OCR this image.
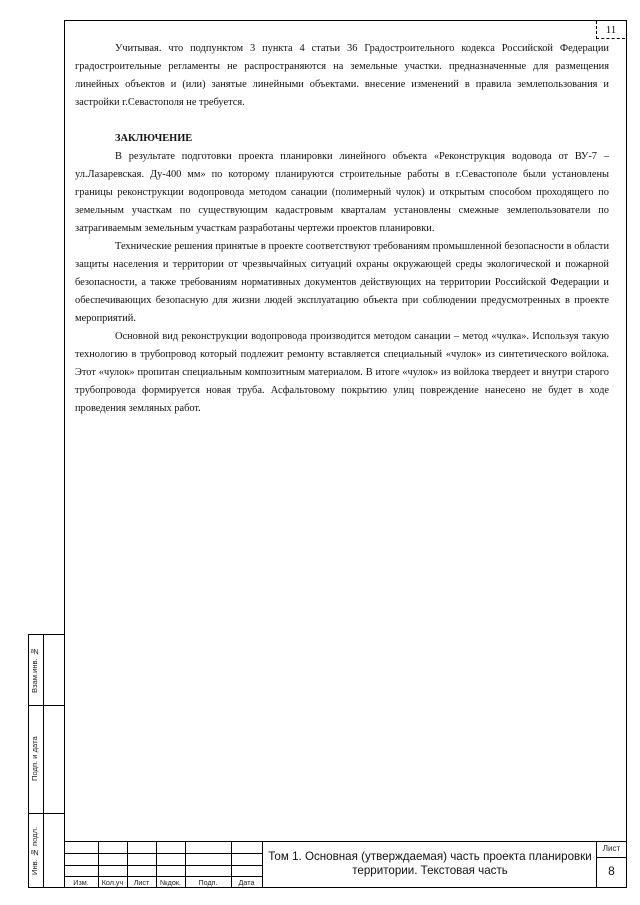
11

Учитывая. что подпунктом 3 пункта 4 статьи 36 Градостроительного кодекса Российской Федерации градостроительные регламенты не распространяются на земельные участки. предназначенные для размещения линейных объектов и (или) занятые линейными объектами. внесение изменений в правила землепользования и застройки г.Севастополя не требуется.

ЗАКЛЮЧЕНИЕ

В результате подготовки проекта планировки линейного объекта «Реконструкция водовода от ВУ-7 – ул.Лазаревская. Ду-400 мм» по которому планируются строительные работы в г.Севастополе были установлены границы реконструкции водопровода методом санации (полимерный чулок) и открытым способом проходящего по земельным участкам по существующим кадастровым кварталам установлены смежные землепользователи по затрагиваемым земельным участкам разработаны чертежи проектов планировки.

Технические решения принятые в проекте соответствуют требованиям промышленной безопасности в области защиты населения и территории от чрезвычайных ситуаций охраны окружающей среды экологической и пожарной безопасности, а также требованиям нормативных документов действующих на территории Российской Федерации и обеспечивающих безопасную для жизни людей эксплуатацию объекта при соблюдении предусмотренных в проекте мероприятий.

Основной вид реконструкции водопровода производится методом санации – метод «чулка». Используя такую технологию в трубопровод который подлежит ремонту вставляется специальный «чулок» из синтетического войлока. Этот «чулок» пропитан специальным композитным материалом. В итоге «чулок» из войлока твердеет и внутри старого трубопровода формируется новая труба. Асфальтовому покрытию улиц повреждение нанесено не будет в ходе проведения земляных работ.

Взам.инв. №
Подп. и дата
Инв. № подл.
Изм.	Кол.уч	Лист	№док.	Подп.	Дата
Том 1. Основная (утверждаемая) часть проекта планировки территории. Текстовая часть
Лист
8
